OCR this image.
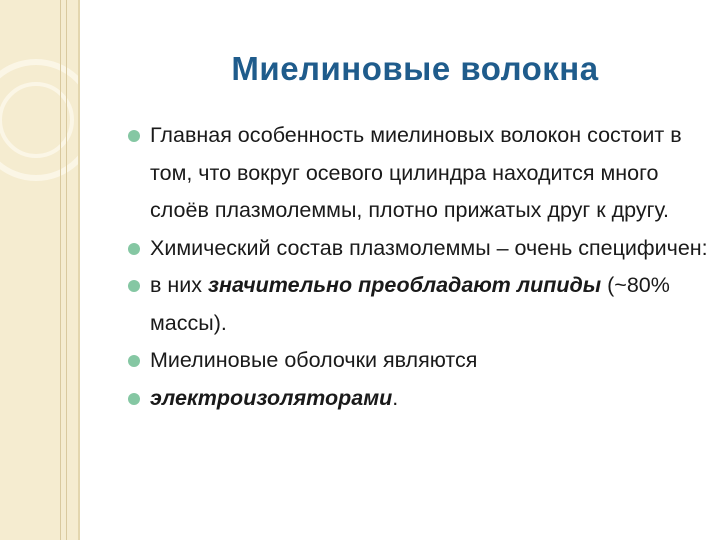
Миелиновые волокна
Главная особенность миелиновых волокон состоит в том, что вокруг осевого цилиндра находится много слоёв плазмолеммы, плотно прижатых друг к другу.
Химический состав плазмолеммы – очень специфичен:
в них значительно преобладают липиды (~80% массы).
Миелиновые оболочки являются
электроизоляторами.
